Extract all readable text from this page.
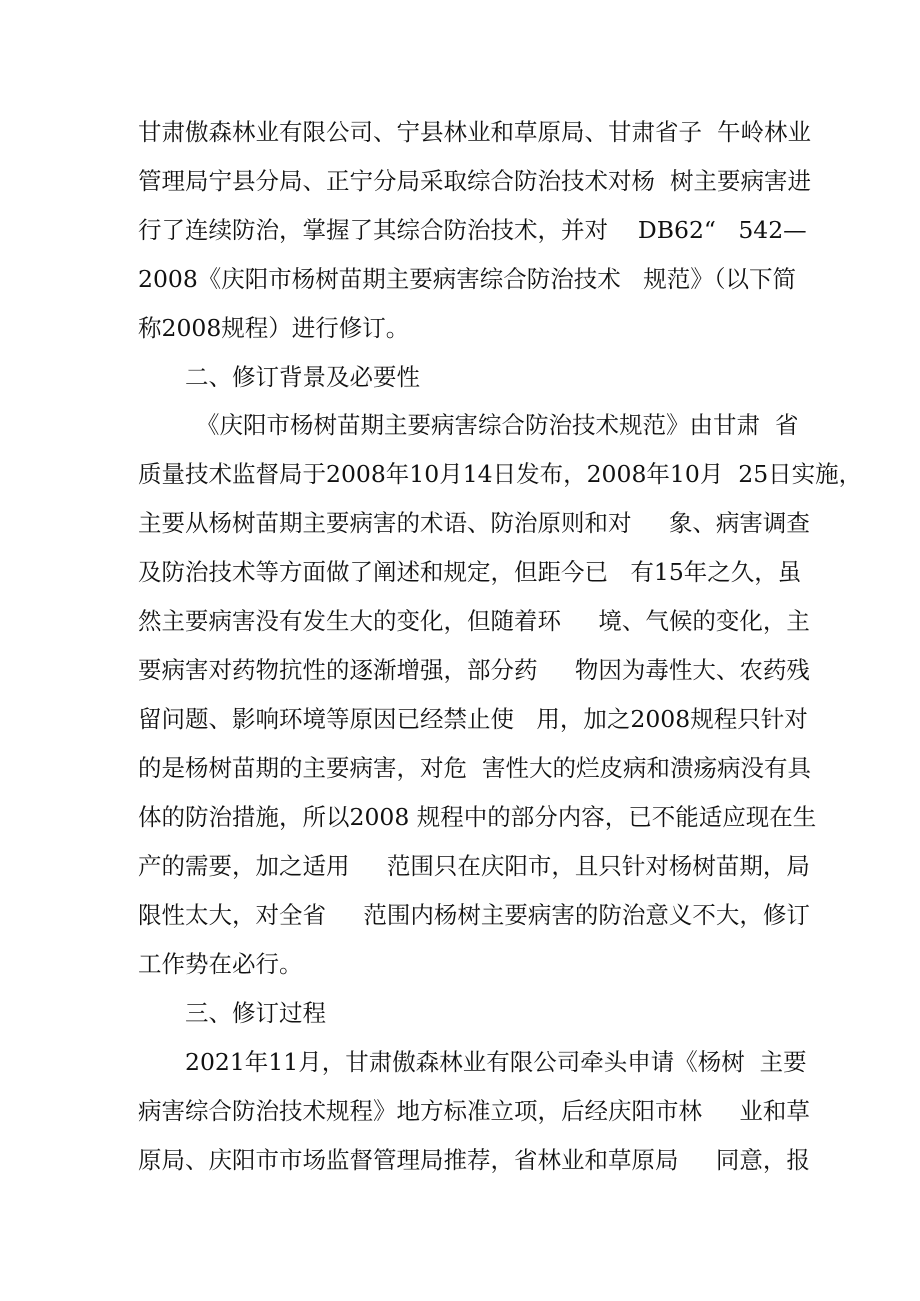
甘肃傲森林业有限公司、宁县林业和草原局、甘肃省子  午岭林业
管理局宁县分局、正宁分局采取综合防治技术对杨  树主要病害进
行了连续防治，掌握了其综合防治技术，并对    DB62“   542—
2008《庆阳市杨树苗期主要病害综合防治技术   规范》（以下简
称2008规程）进行修订。
二、修订背景及必要性
《庆阳市杨树苗期主要病害综合防治技术规范》由甘肃  省
质量技术监督局于2008年10月14日发布，2008年10月  25日实施，
主要从杨树苗期主要病害的术语、防治原则和对     象、病害调查
及防治技术等方面做了阐述和规定，但距今已   有15年之久，虽
然主要病害没有发生大的变化，但随着环     境、气候的变化，主
要病害对药物抗性的逐渐增强，部分药     物因为毒性大、农药残
留问题、影响环境等原因已经禁止使   用，加之2008规程只针对
的是杨树苗期的主要病害，对危  害性大的烂皮病和溃疡病没有具
体的防治措施，所以2008 规程中的部分内容，已不能适应现在生
产的需要，加之适用     范围只在庆阳市，且只针对杨树苗期，局
限性太大，对全省     范围内杨树主要病害的防治意义不大，修订
工作势在必行。
三、修订过程
2021年11月，甘肃傲森林业有限公司牵头申请《杨树  主要
病害综合防治技术规程》地方标准立项，后经庆阳市林     业和草
原局、庆阳市市场监督管理局推荐，省林业和草原局     同意，报
